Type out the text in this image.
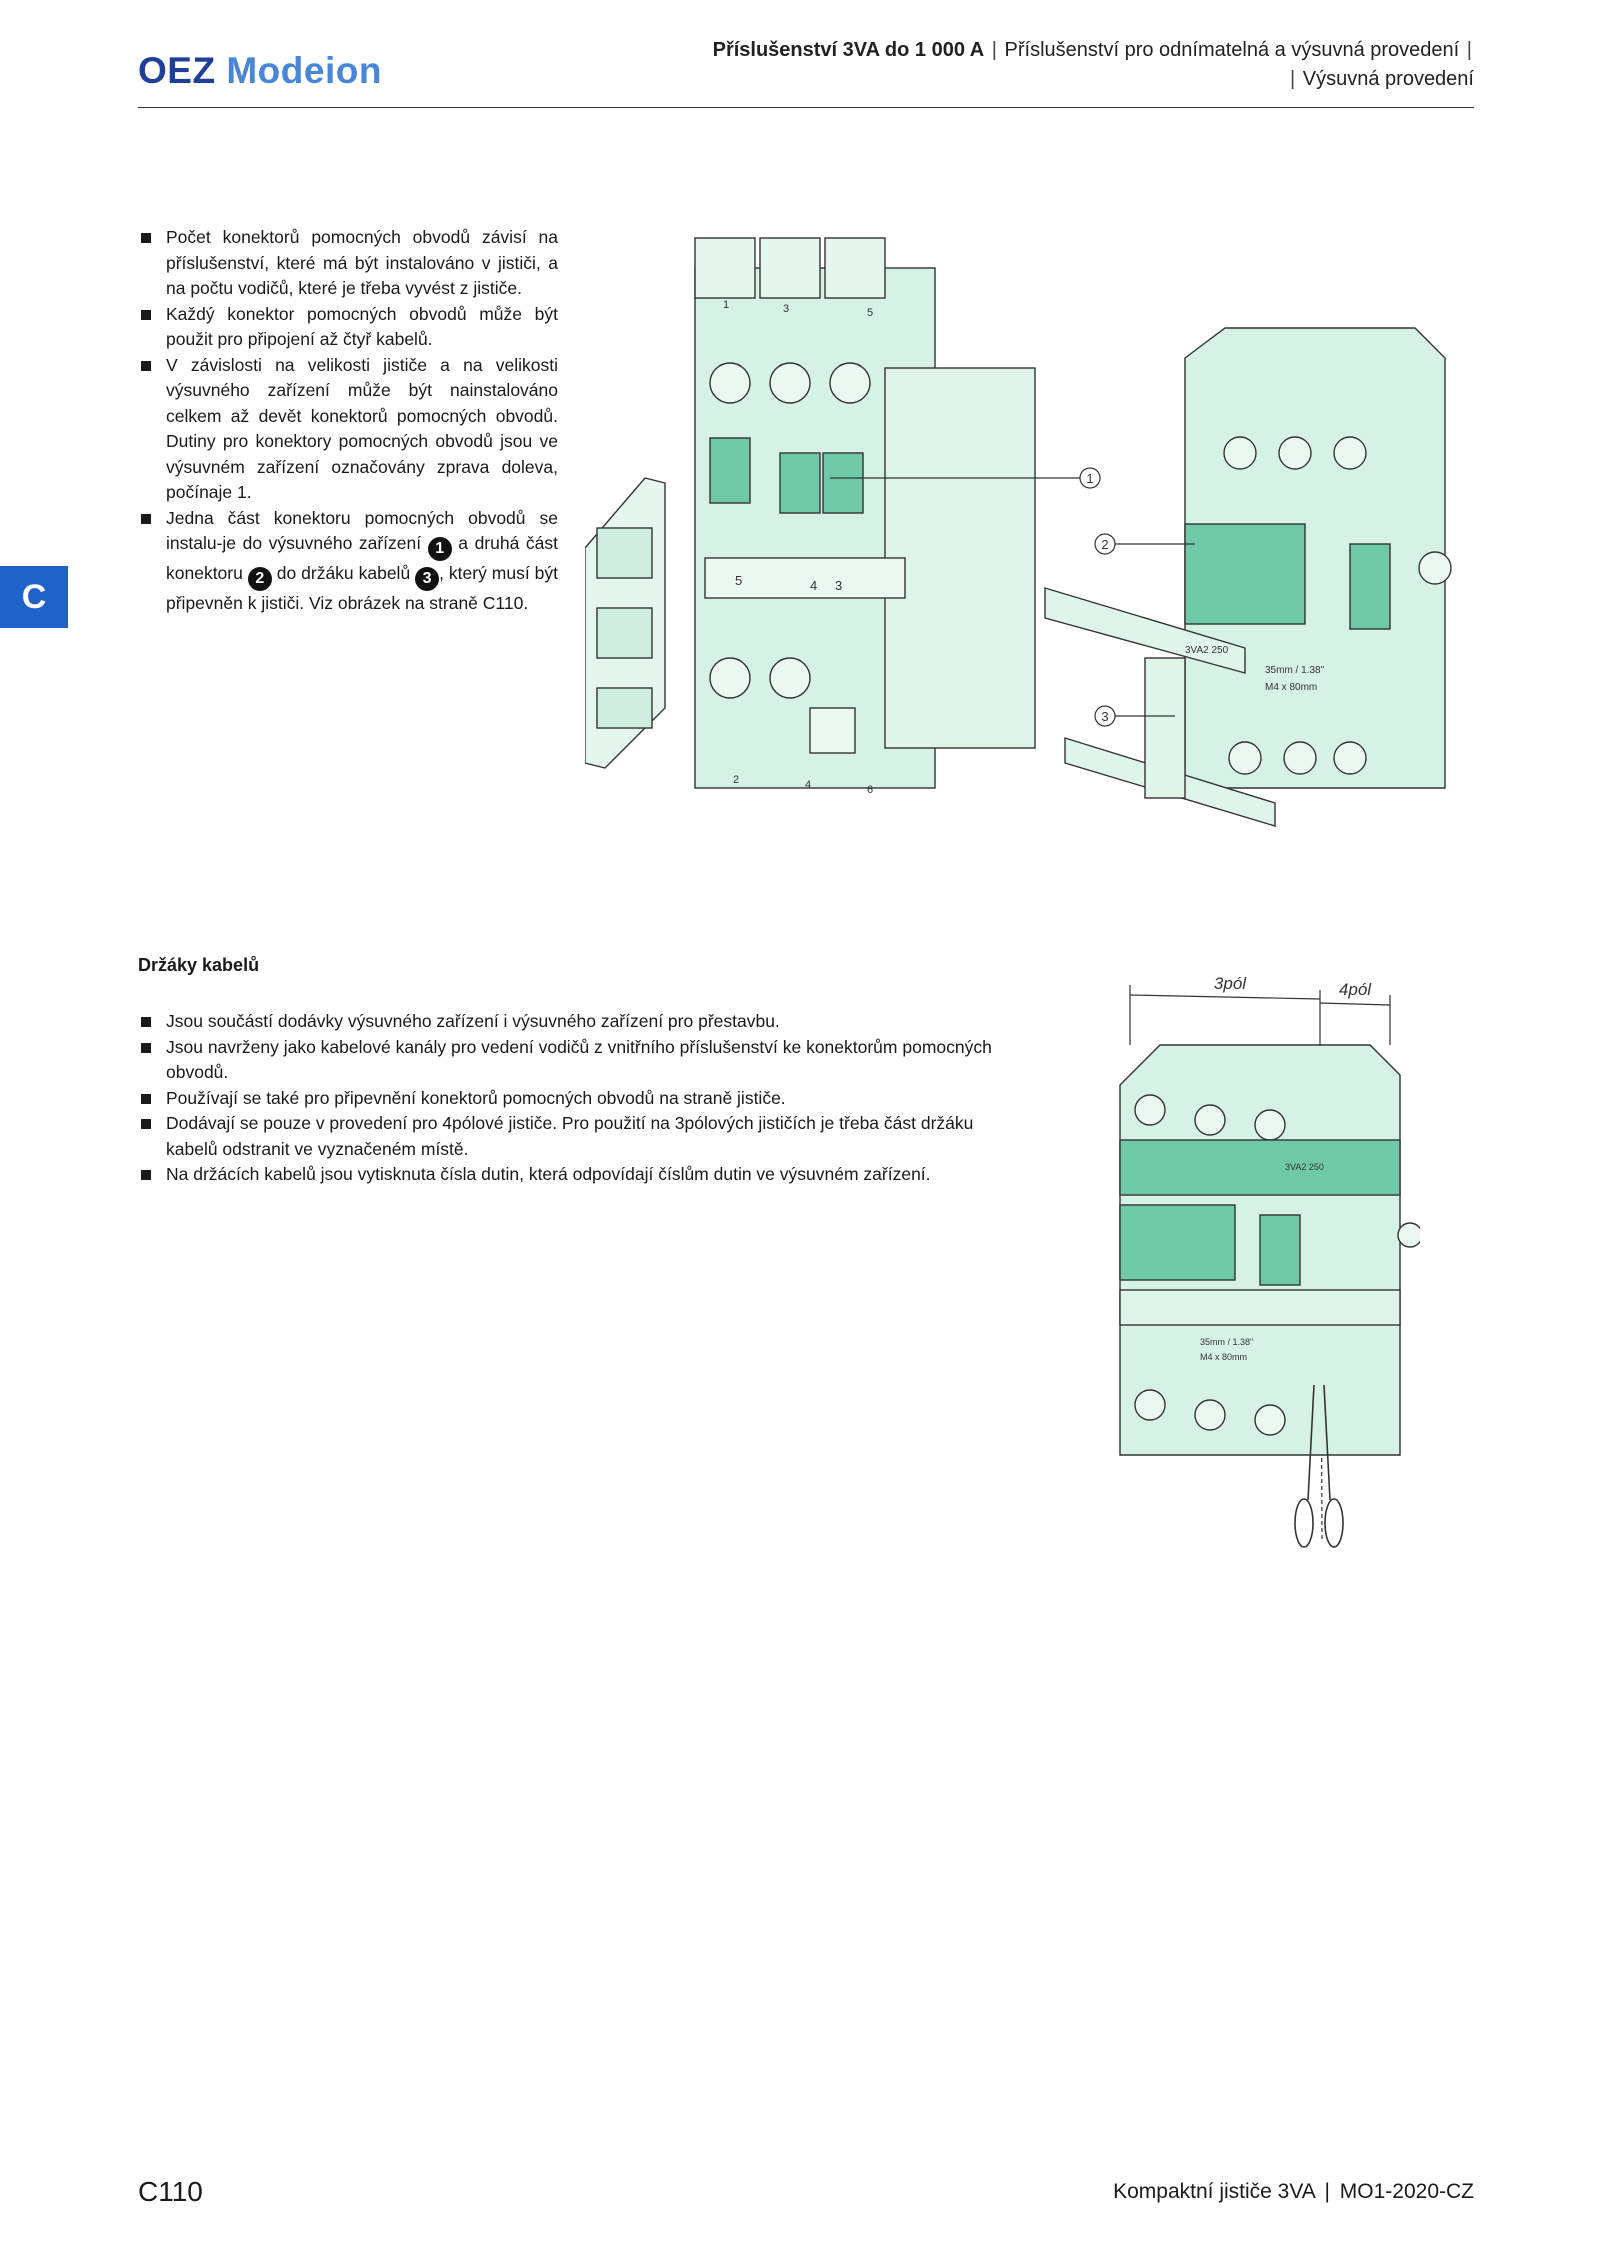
OEZ Modeion	Příslušenství 3VA do 1 000 A | Příslušenství pro odnímatelná a výsuvná provedení |
| Výsuvná provedení
C
Počet konektorů pomocných obvodů závisí na příslušenství, které má být instalováno v jističi, a na počtu vodičů, které je třeba vyvést z jističe.
Každý konektor pomocných obvodů může být použit pro připojení až čtyř kabelů.
V závislosti na velikosti jističe a na velikosti výsuvného zařízení může být nainstalováno celkem až devět konektorů pomocných obvodů. Dutiny pro konektory pomocných obvodů jsou ve výsuvném zařízení označovány zprava doleva, počínaje 1.
Jedna část konektoru pomocných obvodů se instalu-je do výsuvného zařízení 1 a druhá část konektoru 2 do držáku kabelů 3 , který musí být připevněn k jističi. Viz obrázek na straně C110.
1	3	5
2	4	6
5	4 3
3VA2 250
35mm / 1.38"
M4 x 80mm
1
2
3
Držáky kabelů
Jsou součástí dodávky výsuvného zařízení i výsuvného zařízení pro přestavbu.
Jsou navrženy jako kabelové kanály pro vedení vodičů z vnitřního příslušenství ke konektorům pomocných obvodů.
Používají se také pro připevnění konektorů pomocných obvodů na straně jističe.
Dodávají se pouze v provedení pro 4pólové jističe. Pro použití na 3pólových jističích je třeba část držáku kabelů odstranit ve vyznačeném místě.
Na držácích kabelů jsou vytisknuta čísla dutin, která odpovídají číslům dutin ve výsuvném zařízení.
3pól	4pól
3VA2 250
35mm / 1.38"
M4 x 80mm
C110	Kompaktní jističe 3VA | MO1-2020-CZ
